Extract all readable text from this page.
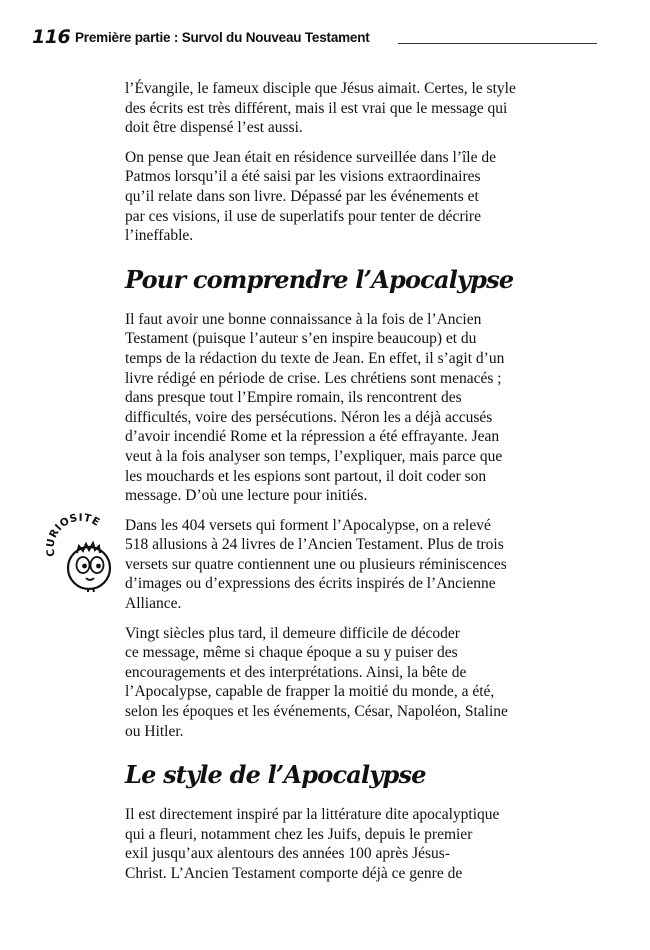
116 Première partie : Survol du Nouveau Testament
CURIOSITE

l’Évangile, le fameux disciple que Jésus aimait. Certes, le style
des écrits est très différent, mais il est vrai que le message qui
doit être dispensé l’est aussi.

On pense que Jean était en résidence surveillée dans l’île de
Patmos lorsqu’il a été saisi par les visions extraordinaires
qu’il relate dans son livre. Dépassé par les événements et
par ces visions, il use de superlatifs pour tenter de décrire
l’ineffable.

Pour comprendre l’Apocalypse

Il faut avoir une bonne connaissance à la fois de l’Ancien
Testament (puisque l’auteur s’en inspire beaucoup) et du
temps de la rédaction du texte de Jean. En effet, il s’agit d’un
livre rédigé en période de crise. Les chrétiens sont menacés ;
dans presque tout l’Empire romain, ils rencontrent des
difficultés, voire des persécutions. Néron les a déjà accusés
d’avoir incendié Rome et la répression a été effrayante. Jean
veut à la fois analyser son temps, l’expliquer, mais parce que
les mouchards et les espions sont partout, il doit coder son
message. D’où une lecture pour initiés.

Dans les 404 versets qui forment l’Apocalypse, on a relevé
518 allusions à 24 livres de l’Ancien Testament. Plus de trois
versets sur quatre contiennent une ou plusieurs réminiscences
d’images ou d’expressions des écrits inspirés de l’Ancienne
Alliance.

Vingt siècles plus tard, il demeure difficile de décoder
ce message, même si chaque époque a su y puiser des
encouragements et des interprétations. Ainsi, la bête de
l’Apocalypse, capable de frapper la moitié du monde, a été,
selon les époques et les événements, César, Napoléon, Staline
ou Hitler.

Le style de l’Apocalypse

Il est directement inspiré par la littérature dite apocalyptique
qui a fleuri, notamment chez les Juifs, depuis le premier
exil jusqu’aux alentours des années 100 après Jésus-
Christ. L’Ancien Testament comporte déjà ce genre de
